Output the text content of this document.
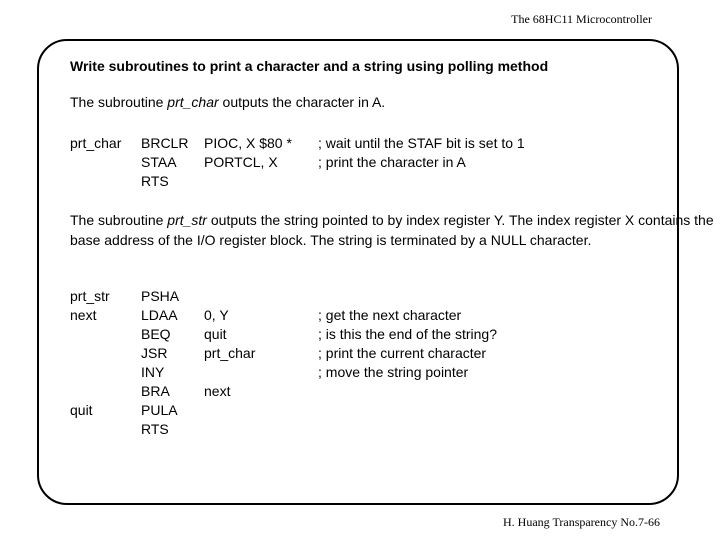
The 68HC11 Microcontroller
Write subroutines to print a character and a string using polling method
The subroutine prt_char outputs the character in A.
prt_char BRCLR
STAA
RTS
PIOC, X $80 *
PORTCL, X
; wait until the STAF bit is set to 1
; print the character in A
The subroutine prt_str outputs the string pointed to by index register Y. The index register X contains the base address of the I/O register block. The string is terminated by a NULL character.
prt_str
next
quit
PSHA
LDAA
BEQ
JSR
INY
BRA
PULA
RTS
0, Y
quit
prt_char
next
; get the next character
; is this the end of the string?
; print the current character
; move the string pointer
H. Huang Transparency No.7-66
